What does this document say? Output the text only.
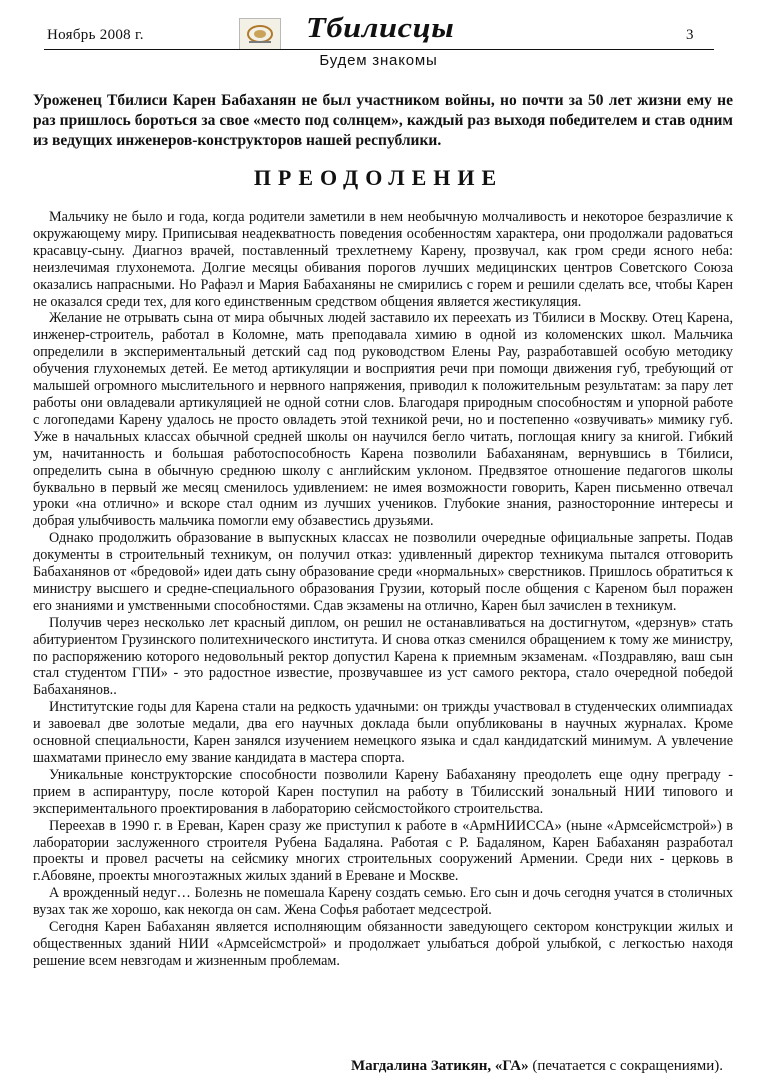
Ноябрь 2008 г.	Тбилисцы	3
Будем знакомы
Уроженец Тбилиси Карен Бабаханян не был участником войны, но почти за 50 лет жизни ему не раз пришлось бороться за свое «место под солнцем», каждый раз выходя победителем и став одним из ведущих инженеров-конструкторов нашей республики.
ПРЕОДОЛЕНИЕ

Мальчику не было и года, когда родители заметили в нем необычную молчаливость и некоторое безразличие к окружающему миру. Приписывая неадекватность поведения особенностям характера, они продолжали радоваться красавцу-сыну. Диагноз врачей, поставленный трехлетнему Карену, прозвучал, как гром среди ясного неба: неизлечимая глухонемота. Долгие месяцы обивания порогов лучших медицинских центров Советского Союза оказались напрасными. Но Рафаэл и Мария Бабаханяны не смирились с горем и решили сделать все, чтобы Карен не оказался среди тех, для кого единственным средством общения является жестикуляция.

Желание не отрывать сына от мира обычных людей заставило их переехать из Тбилиси в Москву. Отец Карена, инженер-строитель, работал в Коломне, мать преподавала химию в одной из коломенских школ. Мальчика определили в экспериментальный детский сад под руководством Елены Рау, разработавшей особую методику обучения глухонемых детей. Ее метод артикуляции и восприятия речи при помощи движения губ, требующий от малышей огромного мыслительного и нервного напряжения, приводил к положительным результатам: за пару лет работы они овладевали артикуляцией не одной сотни слов. Благодаря природным способностям и упорной работе с логопедами Карену удалось не просто овладеть этой техникой речи, но и постепенно «озвучивать» мимику губ. Уже в начальных классах обычной средней школы он научился бегло читать, поглощая книгу за книгой. Гибкий ум, начитанность и большая работоспособность Карена позволили Бабаханянам, вернувшись в Тбилиси, определить сына в обычную среднюю школу с английским уклоном. Предвзятое отношение педагогов школы буквально в первый же месяц сменилось удивлением: не имея возможности говорить, Карен письменно отвечал уроки «на отлично» и вскоре стал одним из лучших учеников. Глубокие знания, разносторонние интересы и добрая улыбчивость мальчика помогли ему обзавестись друзьями.

Однако продолжить образование в выпускных классах не позволили очередные официальные запреты. Подав документы в строительный техникум, он получил отказ: удивленный директор техникума пытался отговорить Бабаханянов от «бредовой» идеи дать сыну образование среди «нормальных» сверстников. Пришлось обратиться к министру высшего и средне-специального образования Грузии, который после общения с Кареном был поражен его знаниями и умственными способностями. Сдав экзамены на отлично, Карен был зачислен в техникум.

Получив через несколько лет красный диплом, он решил не останавливаться на достигнутом, «дерзнув» стать абитуриентом Грузинского политехнического института. И снова отказ сменился обращением к тому же министру, по распоряжению которого недовольный ректор допустил Карена к приемным экзаменам. «Поздравляю, ваш сын стал студентом ГПИ» - это радостное известие, прозвучавшее из уст самого ректора, стало очередной победой Бабаханянов..

Институтские годы для Карена стали на редкость удачными: он трижды участвовал в студенческих олимпиадах и завоевал две золотые медали, два его научных доклада были опубликованы в научных журналах. Кроме основной специальности, Карен занялся изучением немецкого языка и сдал кандидатский минимум. А увлечение шахматами принесло ему звание кандидата в мастера спорта.

Уникальные конструкторские способности позволили Карену Бабаханяну преодолеть еще одну преграду - прием в аспирантуру, после которой Карен поступил на работу в Тбилисский зональный НИИ типового и экспериментального проектирования в лабораторию сейсмостойкого строительства.

Переехав в 1990 г. в Ереван, Карен сразу же приступил к работе в «АрмНИИССА» (ныне «Армсейсмстрой») в лаборатории заслуженного строителя Рубена Бадаляна. Работая с Р. Бадаляном, Карен Бабаханян разработал проекты и провел расчеты на сейсмику многих строительных сооружений Армении. Среди них - церковь в г.Абовяне, проекты многоэтажных жилых зданий в Ереване и Москве.

А врожденный недуг… Болезнь не помешала Карену создать семью. Его сын и дочь сегодня учатся в столичных вузах так же хорошо, как некогда он сам. Жена Софья работает медсестрой.

Сегодня Карен Бабаханян является исполняющим обязанности заведующего сектором конструкции жилых и общественных зданий НИИ «Армсейсмстрой» и продолжает улыбаться доброй улыбкой, с легкостью находя решение всем невзгодам и жизненным проблемам.

Магдалина Затикян, «ГА» (печатается с сокращениями).
